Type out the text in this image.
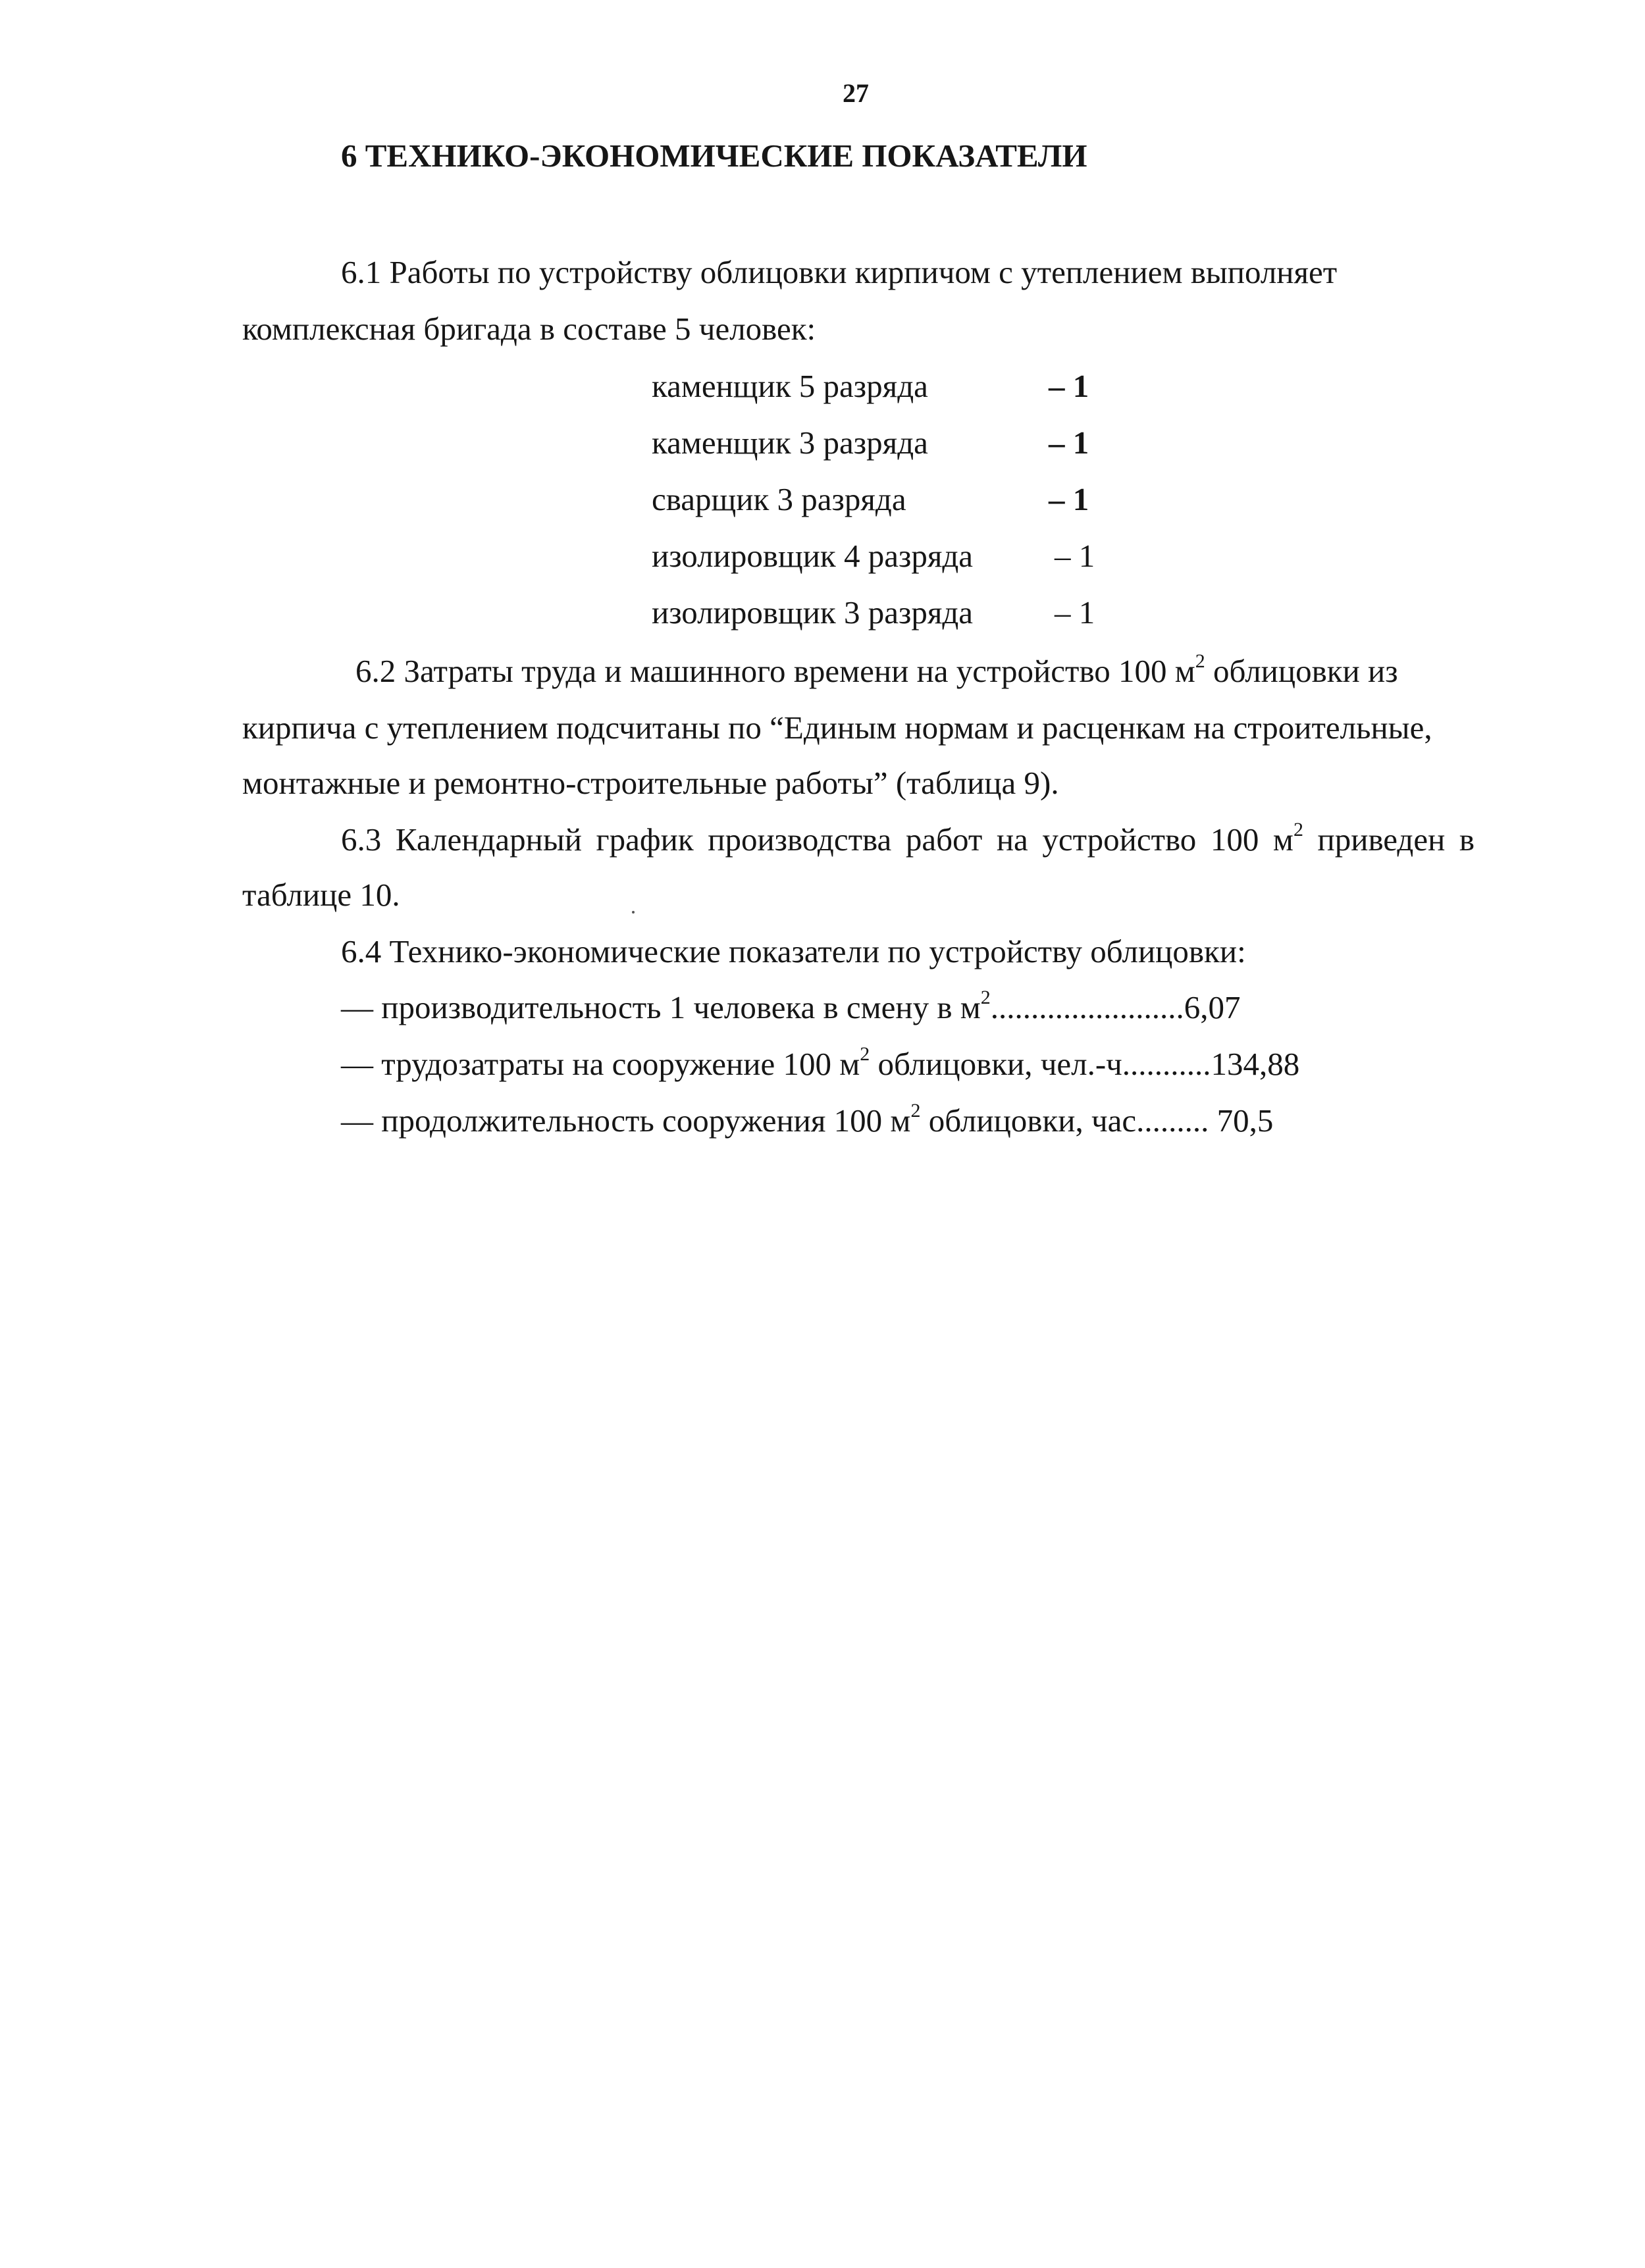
27
6 ТЕХНИКО-ЭКОНОМИЧЕСКИЕ ПОКАЗАТЕЛИ
6.1 Работы по устройству облицовки кирпичом с утеплением выполняет
комплексная бригада в составе 5 человек:
каменщик 5 разряда	– 1
каменщик 3 разряда	– 1
сварщик 3 разряда	– 1
изолировщик 4 разряда	– 1
изолировщик 3 разряда	– 1
6.2 Затраты труда и машинного времени на устройство 100 $м^2$ облицовки из
кирпича с утеплением подсчитаны по “Единым нормам и расценкам на строительные,
монтажные и ремонтно-строительные работы” (таблица 9).
6.3 Календарный график производства работ на устройство 100 $м^2$ приведен в
таблице 10.
6.4 Технико-экономические показатели по устройству облицовки:
— производительность 1 человека в смену в $м^2........................6,07$
— трудозатраты на сооружение 100 $м^2$ облицовки, чел.-ч...........134,88
— продолжительность сооружения 100 $м^2$ облицовки, час......... 70,5
